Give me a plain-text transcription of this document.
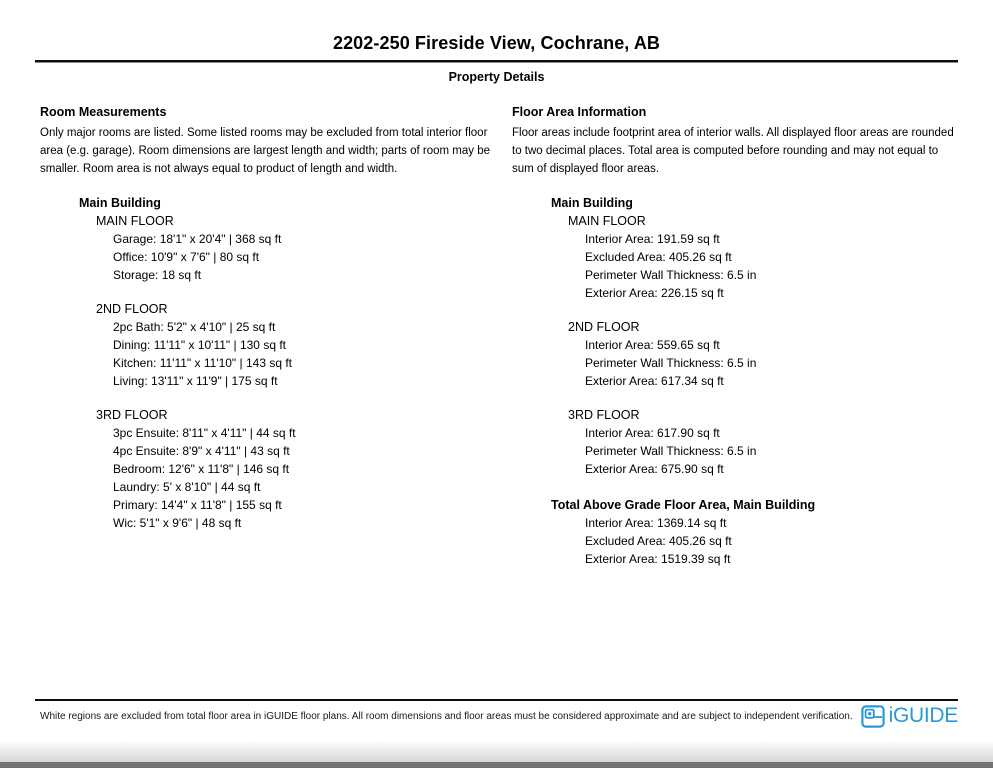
2202-250 Fireside View, Cochrane, AB
Property Details
Room Measurements

Only major rooms are listed. Some listed rooms may be excluded from total interior floor area (e.g. garage). Room dimensions are largest length and width; parts of room may be smaller. Room area is not always equal to product of length and width.

Main Building
MAIN FLOOR
Garage: 18'1" x 20'4" | 368 sq ft
Office: 10'9" x 7'6" | 80 sq ft
Storage: 18 sq ft
2ND FLOOR
2pc Bath: 5'2" x 4'10" | 25 sq ft
Dining: 11'11" x 10'11" | 130 sq ft
Kitchen: 11'11" x 11'10" | 143 sq ft
Living: 13'11" x 11'9" | 175 sq ft
3RD FLOOR
3pc Ensuite: 8'11" x 4'11" | 44 sq ft
4pc Ensuite: 8'9" x 4'11" | 43 sq ft
Bedroom: 12'6" x 11'8" | 146 sq ft
Laundry: 5' x 8'10" | 44 sq ft
Primary: 14'4" x 11'8" | 155 sq ft
Wic: 5'1" x 9'6" | 48 sq ft
Floor Area Information

Floor areas include footprint area of interior walls. All displayed floor areas are rounded to two decimal places. Total area is computed before rounding and may not equal to sum of displayed floor areas.

Main Building
MAIN FLOOR
Interior Area: 191.59 sq ft
Excluded Area: 405.26 sq ft
Perimeter Wall Thickness: 6.5 in
Exterior Area: 226.15 sq ft
2ND FLOOR
Interior Area: 559.65 sq ft
Perimeter Wall Thickness: 6.5 in
Exterior Area: 617.34 sq ft
3RD FLOOR
Interior Area: 617.90 sq ft
Perimeter Wall Thickness: 6.5 in
Exterior Area: 675.90 sq ft
Total Above Grade Floor Area, Main Building
Interior Area: 1369.14 sq ft
Excluded Area: 405.26 sq ft
Exterior Area: 1519.39 sq ft

White regions are excluded from total floor area in iGUIDE floor plans. All room dimensions and floor areas must be considered approximate and are subject to independent verification. iGUIDE
